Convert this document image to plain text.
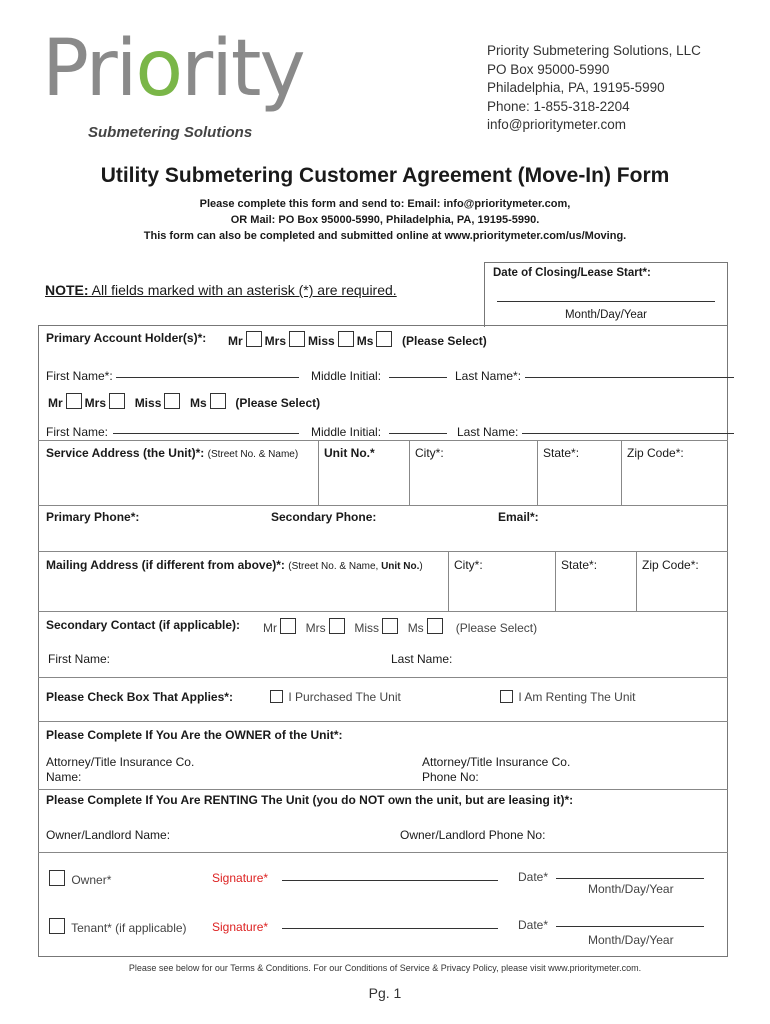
Priority
Submetering Solutions
Priority Submetering Solutions, LLC
PO Box 95000-5990
Philadelphia, PA, 19195-5990
Phone: 1-855-318-2204
info@prioritymeter.com
Utility Submetering Customer Agreement (Move-In) Form
Please complete this form and send to: Email: info@prioritymeter.com,
OR Mail: PO Box 95000-5990, Philadelphia, PA, 19195-5990.
This form can also be completed and submitted online at www.prioritymeter.com/us/Moving.
NOTE: All fields marked with an asterisk (*) are required.
Date of Closing/Lease Start*:
Month/Day/Year
Primary Account Holder(s)*: Mr Mrs Miss Ms (Please Select)
First Name*:	Middle Initial:	Last Name*:
Mr Mrs Miss Ms (Please Select)
First Name:	Middle Initial:	Last Name:
Service Address (the Unit)*: (Street No. & Name) Unit No.*	City*:	State*:	Zip Code*:
Primary Phone*:	Secondary Phone:	Email*:
Mailing Address (if different from above)*: (Street No. & Name, Unit No.)	City*:	State*:	Zip Code*:
Secondary Contact (if applicable): Mr Mrs Miss Ms	(Please Select)
First Name:	Last Name:
Please Check Box That Applies*:	I Purchased The Unit	I Am Renting The Unit
Please Complete If You Are the OWNER of the Unit*:
Attorney/Title Insurance Co.
Name:
Attorney/Title Insurance Co.
Phone No:
Please Complete If You Are RENTING The Unit (you do NOT own the unit, but are leasing it)*:
Owner/Landlord Name:	Owner/Landlord Phone No:
Owner*	Signature*	Date*
Month/Day/Year
Tenant* (if applicable) Signature*	Date*
Month/Day/Year
Please see below for our Terms & Conditions. For our Conditions of Service & Privacy Policy, please visit www.prioritymeter.com.
Pg. 1
